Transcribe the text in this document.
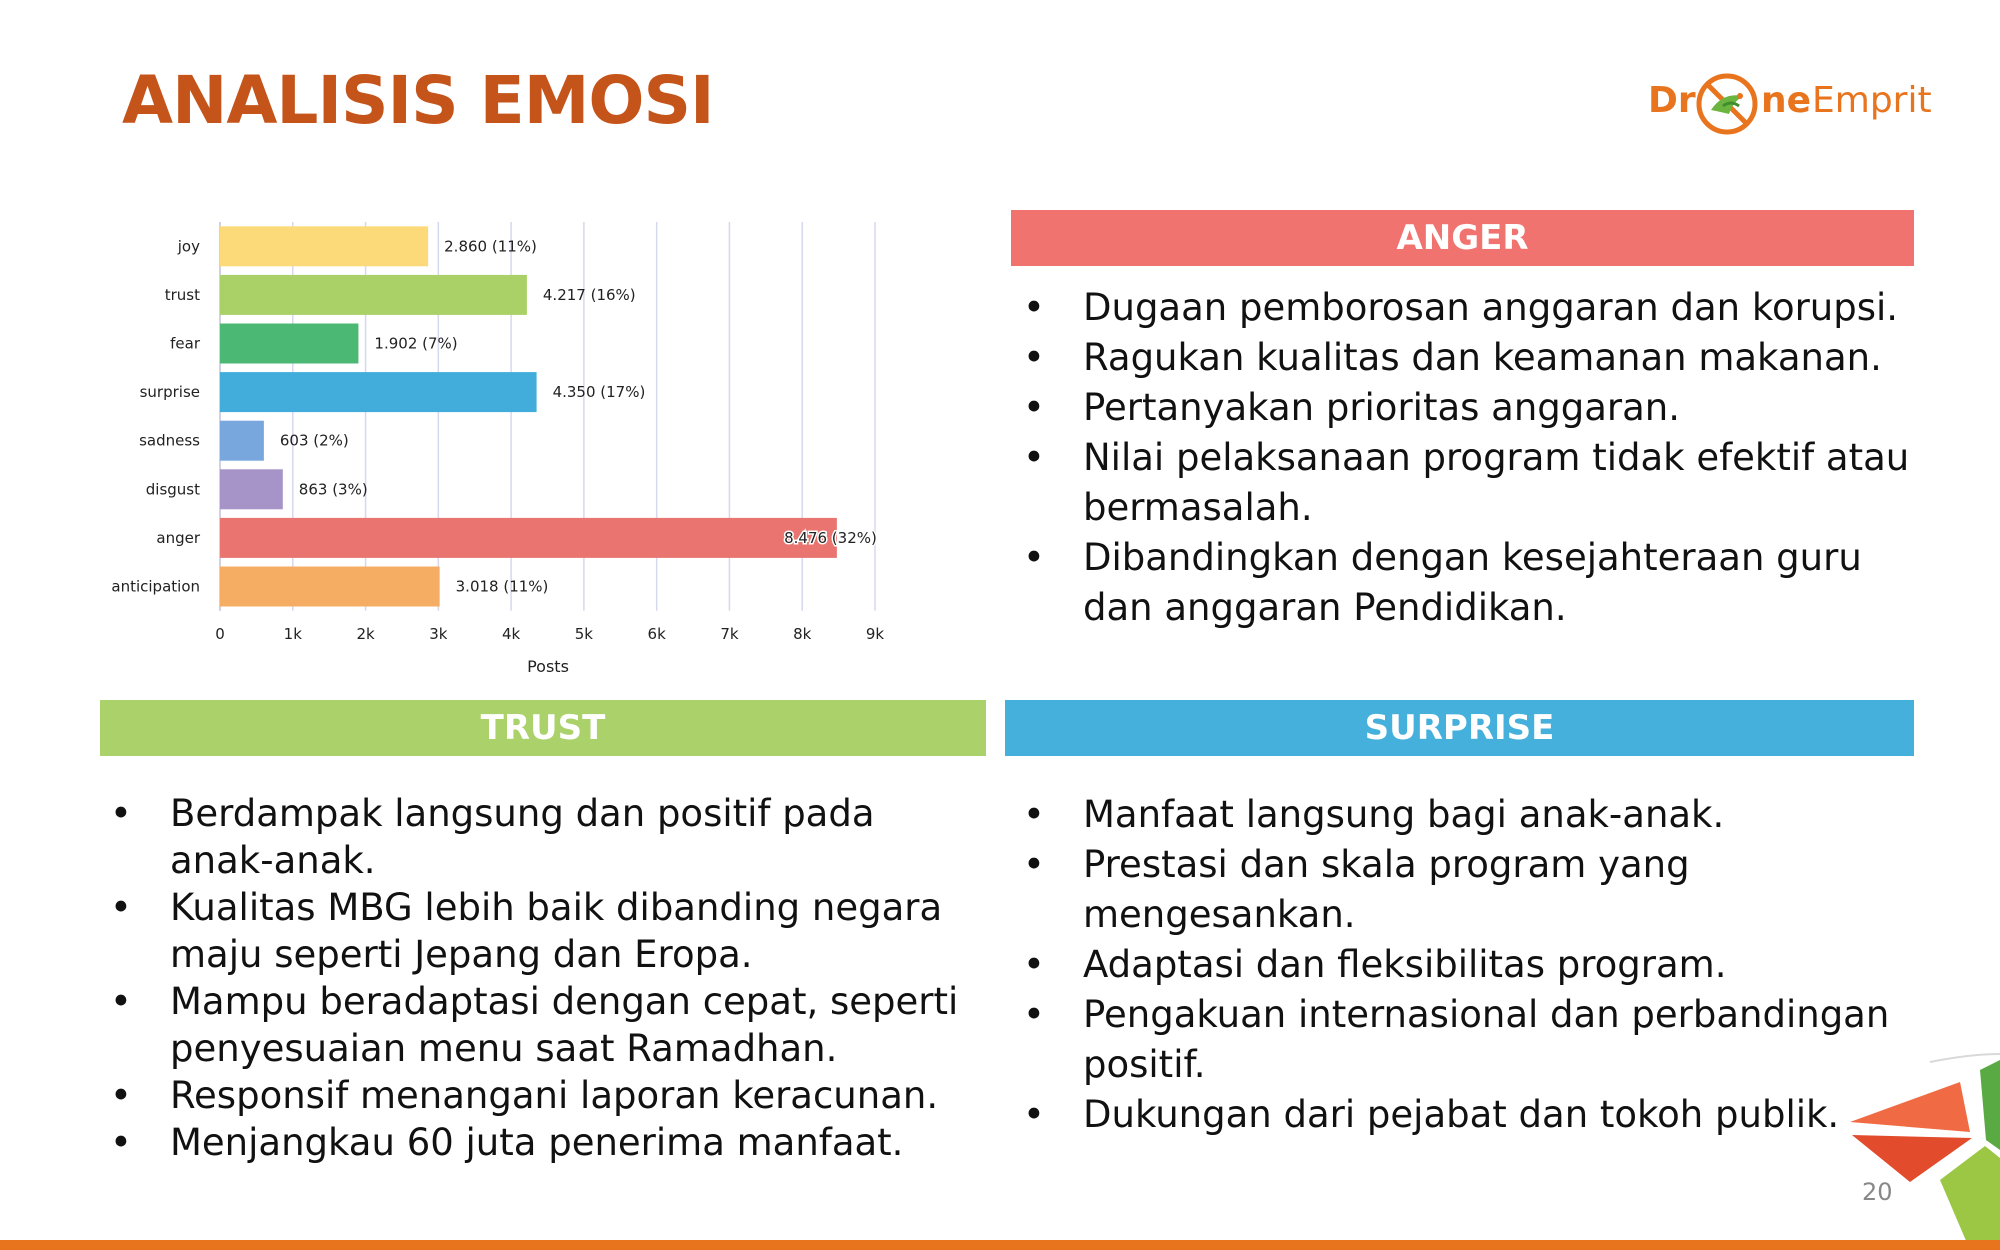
ANALISIS EMOSI	Dr ne Emprit
2.860 (11%)
4.217 (16%)
1.902 (7%)
4.350 (17%)
603 (2%)
863 (3%)
8.476 (32%)
3.018 (11%)
joy
trust
fear
surprise
sadness
disgust
anger
anticipation
0	1k	2k	3k	4k	5k	6k	7k	8k	9k
Posts
ANGER
• Dugaan pemborosan anggaran dan korupsi.
• Ragukan kualitas dan keamanan makanan.
• Pertanyakan prioritas anggaran.
• Nilai pelaksanaan program tidak efektif atau bermasalah.
• Dibandingkan dengan kesejahteraan guru dan anggaran Pendidikan.
TRUST
• Berdampak langsung dan positif pada anak-anak.
• Kualitas MBG lebih baik dibanding negara maju seperti Jepang dan Eropa.
• Mampu beradaptasi dengan cepat, seperti penyesuaian menu saat Ramadhan.
• Responsif menangani laporan keracunan.
• Menjangkau 60 juta penerima manfaat.
SURPRISE
• Manfaat langsung bagi anak-anak.
• Prestasi dan skala program yang mengesankan.
• Adaptasi dan fleksibilitas program.
• Pengakuan internasional dan perbandingan positif.
• Dukungan dari pejabat dan tokoh publik.
20
